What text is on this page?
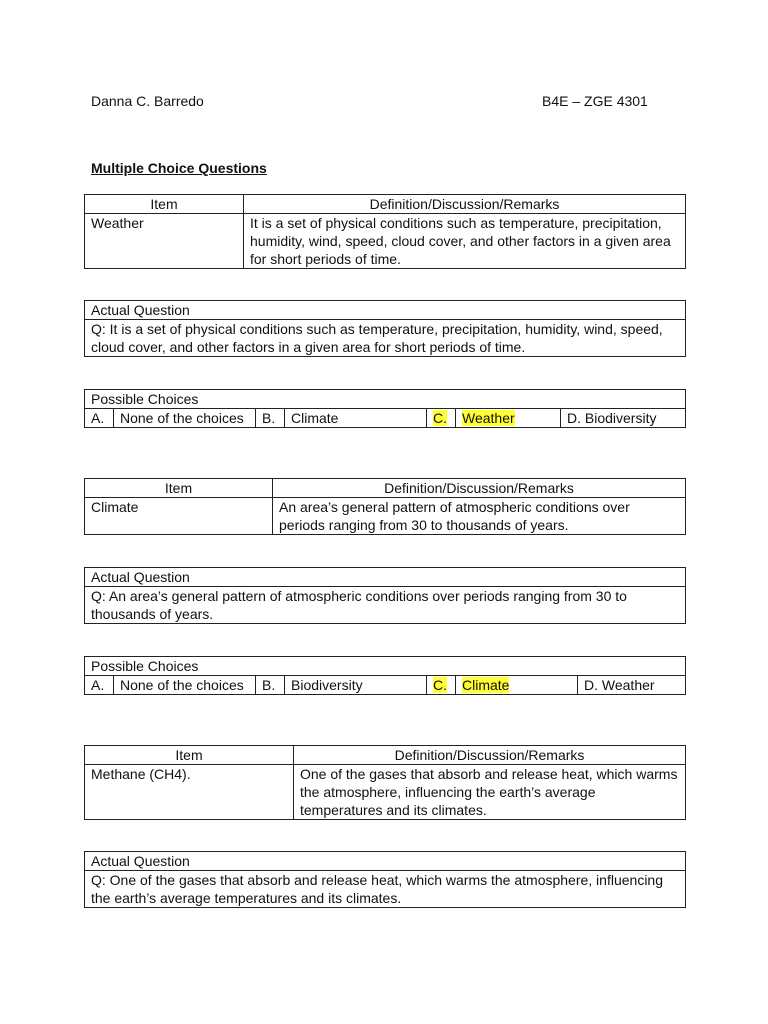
Danna C. Barredo	B4E – ZGE 4301
Multiple Choice Questions
Item	Definition/Discussion/Remarks
Weather	It is a set of physical conditions such as temperature, precipitation, humidity, wind, speed, cloud cover, and other factors in a given area for short periods of time.
Actual Question
Q: It is a set of physical conditions such as temperature, precipitation, humidity, wind, speed, cloud cover, and other factors in a given area for short periods of time.
Possible Choices
A.	None of the choices	B.	Climate	C.	Weather	D. Biodiversity
Item	Definition/Discussion/Remarks
Climate	An area’s general pattern of atmospheric conditions over periods ranging from 30 to thousands of years.
Actual Question
Q: An area’s general pattern of atmospheric conditions over periods ranging from 30 to thousands of years.
Possible Choices
A.	None of the choices	B.	Biodiversity	C.	Climate	D. Weather
Item	Definition/Discussion/Remarks
Methane (CH4).	One of the gases that absorb and release heat, which warms the atmosphere, influencing the earth’s average temperatures and its climates.
Actual Question
Q: One of the gases that absorb and release heat, which warms the atmosphere, influencing the earth’s average temperatures and its climates.
